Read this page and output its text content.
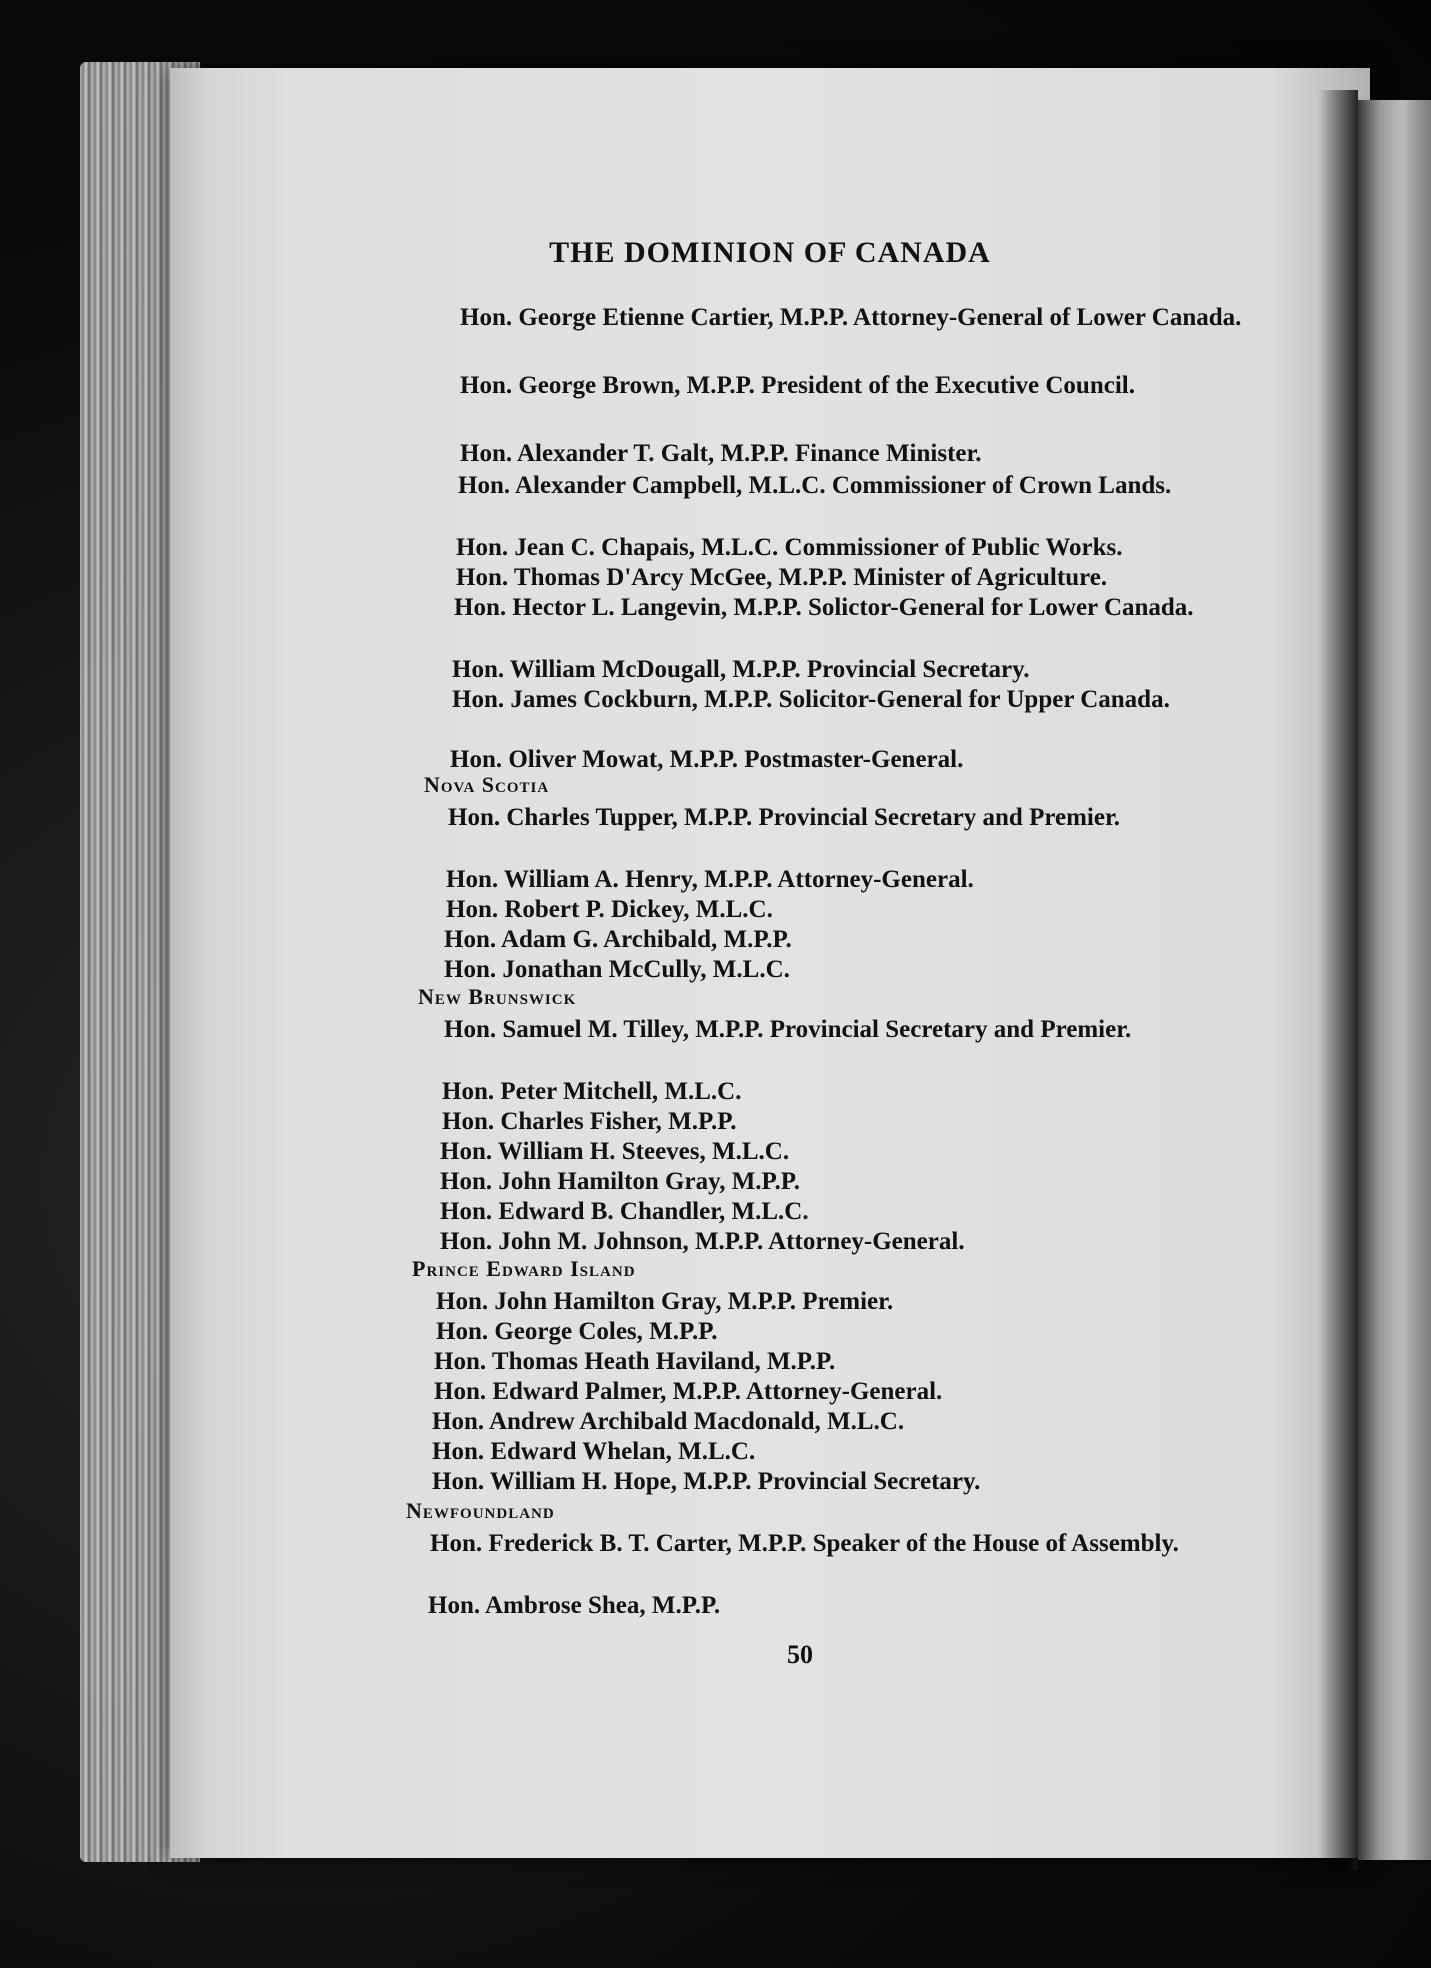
THE DOMINION OF CANADA
Hon. George Etienne Cartier, M.P.P. Attorney-General of Lower Canada.
Hon. George Brown, M.P.P. President of the Executive Council.
Hon. Alexander T. Galt, M.P.P. Finance Minister.
Hon. Alexander Campbell, M.L.C. Commissioner of Crown Lands.
Hon. Jean C. Chapais, M.L.C. Commissioner of Public Works.
Hon. Thomas D'Arcy McGee, M.P.P. Minister of Agriculture.
Hon. Hector L. Langevin, M.P.P. Solictor-General for Lower Canada.
Hon. William McDougall, M.P.P. Provincial Secretary.
Hon. James Cockburn, M.P.P. Solicitor-General for Upper Canada.
Hon. Oliver Mowat, M.P.P. Postmaster-General.
Nova Scotia
Hon. Charles Tupper, M.P.P. Provincial Secretary and Premier.
Hon. William A. Henry, M.P.P. Attorney-General.
Hon. Robert P. Dickey, M.L.C.
Hon. Adam G. Archibald, M.P.P.
Hon. Jonathan McCully, M.L.C.
New Brunswick
Hon. Samuel M. Tilley, M.P.P. Provincial Secretary and Premier.
Hon. Peter Mitchell, M.L.C.
Hon. Charles Fisher, M.P.P.
Hon. William H. Steeves, M.L.C.
Hon. John Hamilton Gray, M.P.P.
Hon. Edward B. Chandler, M.L.C.
Hon. John M. Johnson, M.P.P. Attorney-General.
Prince Edward Island
Hon. John Hamilton Gray, M.P.P. Premier.
Hon. George Coles, M.P.P.
Hon. Thomas Heath Haviland, M.P.P.
Hon. Edward Palmer, M.P.P. Attorney-General.
Hon. Andrew Archibald Macdonald, M.L.C.
Hon. Edward Whelan, M.L.C.
Hon. William H. Hope, M.P.P. Provincial Secretary.
Newfoundland
Hon. Frederick B. T. Carter, M.P.P. Speaker of the House of Assembly.
Hon. Ambrose Shea, M.P.P.
50
